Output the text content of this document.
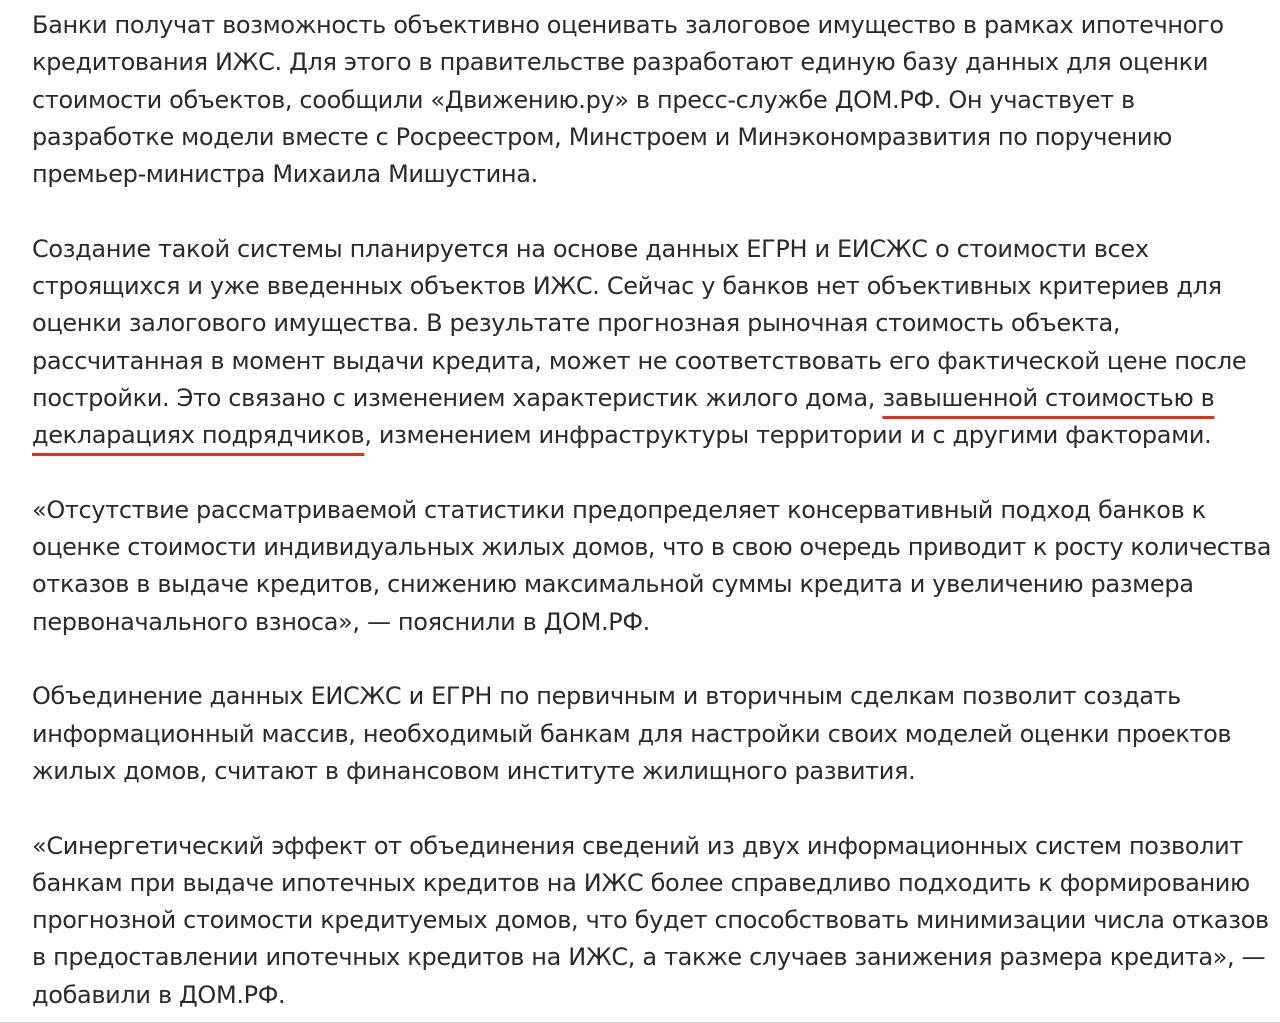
Банки получат возможность объективно оценивать залоговое имущество в рамках ипотечного
кредитования ИЖС. Для этого в правительстве разработают единую базу данных для оценки
стоимости объектов, сообщили «Движению.ру» в пресс-службе ДОМ.РФ. Он участвует в
разработке модели вместе с Росреестром, Минстроем и Минэкономразвития по поручению
премьер-министра Михаила Мишустина.

Создание такой системы планируется на основе данных ЕГРН и ЕИСЖС о стоимости всех
строящихся и уже введенных объектов ИЖС. Сейчас у банков нет объективных критериев для
оценки залогового имущества. В результате прогнозная рыночная стоимость объекта,
рассчитанная в момент выдачи кредита, может не соответствовать его фактической цене после
постройки. Это связано с изменением характеристик жилого дома, завышенной стоимостью в
декларациях подрядчиков, изменением инфраструктуры территории и с другими факторами.

«Отсутствие рассматриваемой статистики предопределяет консервативный подход банков к
оценке стоимости индивидуальных жилых домов, что в свою очередь приводит к росту количества
отказов в выдаче кредитов, снижению максимальной суммы кредита и увеличению размера
первоначального взноса», — пояснили в ДОМ.РФ.

Объединение данных ЕИСЖС и ЕГРН по первичным и вторичным сделкам позволит создать
информационный массив, необходимый банкам для настройки своих моделей оценки проектов
жилых домов, считают в финансовом институте жилищного развития.

«Синергетический эффект от объединения сведений из двух информационных систем позволит
банкам при выдаче ипотечных кредитов на ИЖС более справедливо подходить к формированию
прогнозной стоимости кредитуемых домов, что будет способствовать минимизации числа отказов
в предоставлении ипотечных кредитов на ИЖС, а также случаев занижения размера кредита», —
добавили в ДОМ.РФ.
